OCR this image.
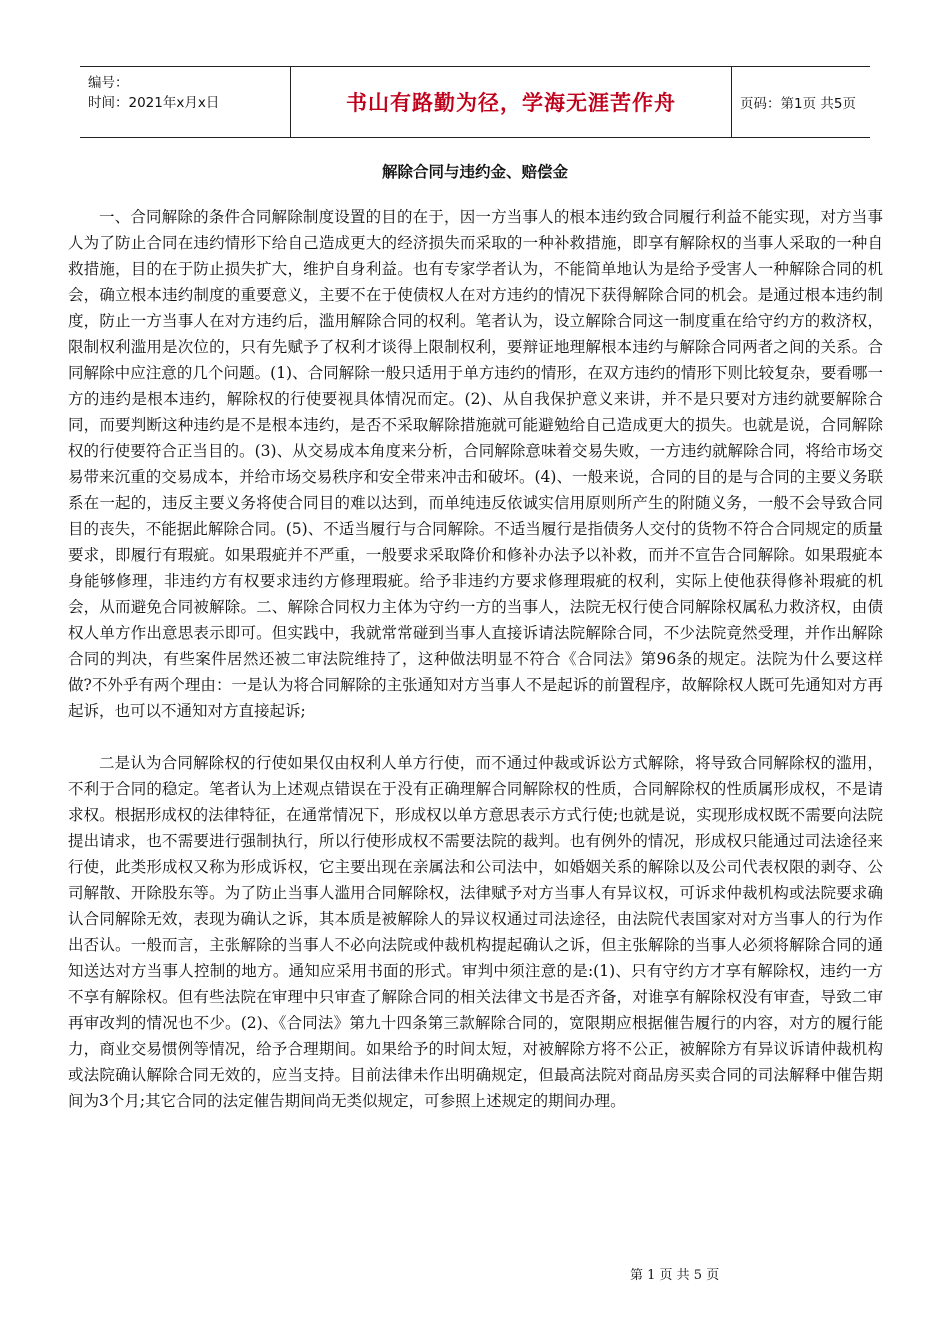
编号：
时间：2021年x月x日	书山有路勤为径，学海无涯苦作舟	页码：第1页 共5页
解除合同与违约金、赔偿金

一、合同解除的条件合同解除制度设置的目的在于，因一方当事人的根本违约致合同履行利益不能实现，对方当事人为了防止合同在违约情形下给自己造成更大的经济损失而采取的一种补救措施，即享有解除权的当事人采取的一种自救措施，目的在于防止损失扩大，维护自身利益。也有专家学者认为，不能简单地认为是给予受害人一种解除合同的机会，确立根本违约制度的重要意义，主要不在于使债权人在对方违约的情况下获得解除合同的机会。是通过根本违约制度，防止一方当事人在对方违约后，滥用解除合同的权利。笔者认为，设立解除合同这一制度重在给守约方的救济权，限制权利滥用是次位的，只有先赋予了权利才谈得上限制权利，要辩证地理解根本违约与解除合同两者之间的关系。合同解除中应注意的几个问题。(1)、合同解除一般只适用于单方违约的情形，在双方违约的情形下则比较复杂，要看哪一方的违约是根本违约，解除权的行使要视具体情况而定。(2)、从自我保护意义来讲，并不是只要对方违约就要解除合同，而要判断这种违约是不是根本违约，是否不采取解除措施就可能避勉给自己造成更大的损失。也就是说，合同解除权的行使要符合正当目的。(3)、从交易成本角度来分析，合同解除意味着交易失败，一方违约就解除合同，将给市场交易带来沉重的交易成本，并给市场交易秩序和安全带来冲击和破坏。(4)、一般来说，合同的目的是与合同的主要义务联系在一起的，违反主要义务将使合同目的难以达到，而单纯违反依诚实信用原则所产生的附随义务，一般不会导致合同目的丧失，不能据此解除合同。(5)、不适当履行与合同解除。不适当履行是指债务人交付的货物不符合合同规定的质量要求，即履行有瑕疵。如果瑕疵并不严重，一般要求采取降价和修补办法予以补救，而并不宣告合同解除。如果瑕疵本身能够修理，非违约方有权要求违约方修理瑕疵。给予非违约方要求修理瑕疵的权利，实际上使他获得修补瑕疵的机会，从而避免合同被解除。二、解除合同权力主体为守约一方的当事人，法院无权行使合同解除权属私力救济权，由债权人单方作出意思表示即可。但实践中，我就常常碰到当事人直接诉请法院解除合同，不少法院竟然受理，并作出解除合同的判决，有些案件居然还被二审法院维持了，这种做法明显不符合《合同法》第96条的规定。法院为什么要这样做?不外乎有两个理由：一是认为将合同解除的主张通知对方当事人不是起诉的前置程序，故解除权人既可先通知对方再起诉，也可以不通知对方直接起诉;

二是认为合同解除权的行使如果仅由权利人单方行使，而不通过仲裁或诉讼方式解除，将导致合同解除权的滥用，不利于合同的稳定。笔者认为上述观点错误在于没有正确理解合同解除权的性质，合同解除权的性质属形成权，不是请求权。根据形成权的法律特征，在通常情况下，形成权以单方意思表示方式行使;也就是说，实现形成权既不需要向法院提出请求，也不需要进行强制执行，所以行使形成权不需要法院的裁判。也有例外的情况，形成权只能通过司法途径来行使，此类形成权又称为形成诉权，它主要出现在亲属法和公司法中，如婚姻关系的解除以及公司代表权限的剥夺、公司解散、开除股东等。为了防止当事人滥用合同解除权，法律赋予对方当事人有异议权，可诉求仲裁机构或法院要求确认合同解除无效，表现为确认之诉，其本质是被解除人的异议权通过司法途径，由法院代表国家对对方当事人的行为作出否认。一般而言，主张解除的当事人不必向法院或仲裁机构提起确认之诉，但主张解除的当事人必须将解除合同的通知送达对方当事人控制的地方。通知应采用书面的形式。审判中须注意的是:(1)、只有守约方才享有解除权，违约一方不享有解除权。但有些法院在审理中只审查了解除合同的相关法律文书是否齐备，对谁享有解除权没有审查，导致二审再审改判的情况也不少。(2)、《合同法》第九十四条第三款解除合同的，宽限期应根据催告履行的内容，对方的履行能力，商业交易惯例等情况，给予合理期间。如果给予的时间太短，对被解除方将不公正，被解除方有异议诉请仲裁机构或法院确认解除合同无效的，应当支持。目前法律未作出明确规定，但最高法院对商品房买卖合同的司法解释中催告期间为3个月;其它合同的法定催告期间尚无类似规定，可参照上述规定的期间办理。

第 1 页 共 5 页
